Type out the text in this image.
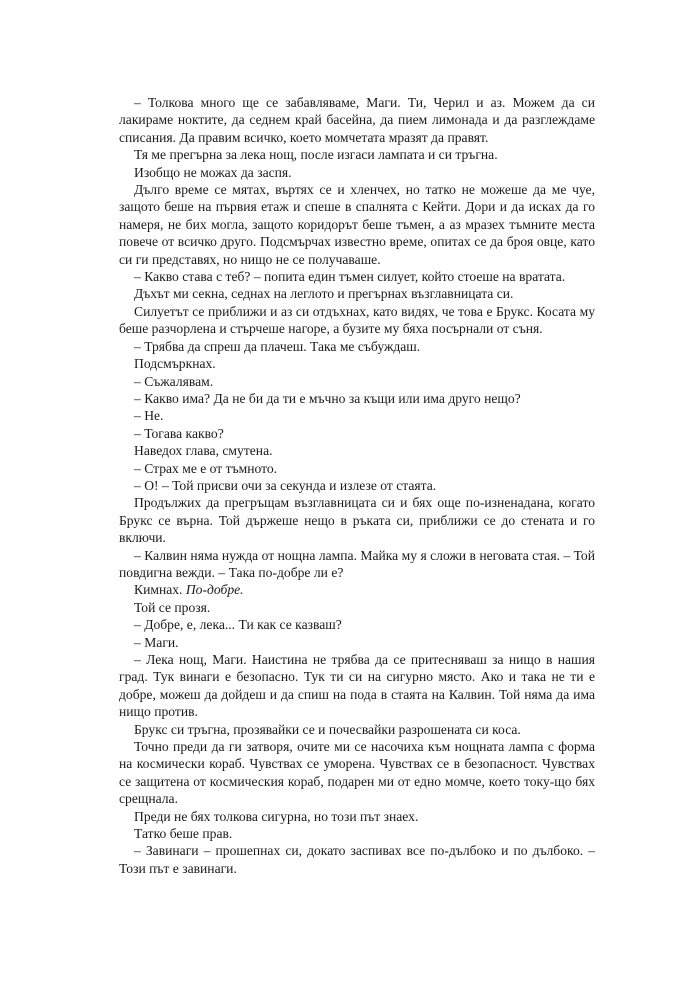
– Толкова много ще се забавляваме, Маги. Ти, Черил и аз. Можем да си лакираме ноктите, да седнем край басейна, да пием лимонада и да разглеждаме списания. Да правим всичко, което момчетата мразят да правят.

Тя ме прегърна за лека нощ, после изгаси лампата и си тръгна.

Изобщо не можах да заспя.

Дълго време се мятах, въртях се и хленчех, но татко не можеше да ме чуе, защото беше на първия етаж и спеше в спалнята с Кейти. Дори и да исках да го намеря, не бих могла, защото коридорът беше тъмен, а аз мразех тъмните места повече от всичко друго. Подсмърчах известно време, опитах се да броя овце, като си ги представях, но нищо не се получаваше.

– Какво става с теб? – попита един тъмен силует, който стоеше на вратата.

Дъхът ми секна, седнах на леглото и прегърнах възглавницата си.

Силуетът се приближи и аз си отдъхнах, като видях, че това е Брукс. Косата му беше разчорлена и стърчеше нагоре, а бузите му бяха посърнали от съня.

– Трябва да спреш да плачеш. Така ме събуждаш.

Подсмъркнах.

– Съжалявам.

– Какво има? Да не би да ти е мъчно за къщи или има друго нещо?

– Не.

– Тогава какво?

Наведох глава, смутена.

– Страх ме е от тъмното.

– О! – Той присви очи за секунда и излезе от стаята.

Продължих да прегръщам възглавницата си и бях още по-изненадана, когато Брукс се върна. Той държеше нещо в ръката си, приближи се до стената и го включи.

– Калвин няма нужда от нощна лампа. Майка му я сложи в неговата стая. – Той повдигна вежди. – Така по-добре ли е?

Кимнах. По-добре.

Той се прозя.

– Добре, е, лека... Ти как се казваш?

– Маги.

– Лека нощ, Маги. Наистина не трябва да се притесняваш за нищо в нашия град. Тук винаги е безопасно. Тук ти си на сигурно място. Ако и така не ти е добре, можеш да дойдеш и да спиш на пода в стаята на Калвин. Той няма да има нищо против.

Брукс си тръгна, прозявайки се и почесвайки разрошената си коса.

Точно преди да ги затворя, очите ми се насочиха към нощната лампа с форма на космически кораб. Чувствах се уморена. Чувствах се в безопасност. Чувствах се защитена от космическия кораб, подарен ми от едно момче, което току-що бях срещнала.

Преди не бях толкова сигурна, но този път знаех.

Татко беше прав.

– Завинаги – прошепнах си, докато заспивах все по-дълбоко и по дълбоко. – Този път е завинаги.
